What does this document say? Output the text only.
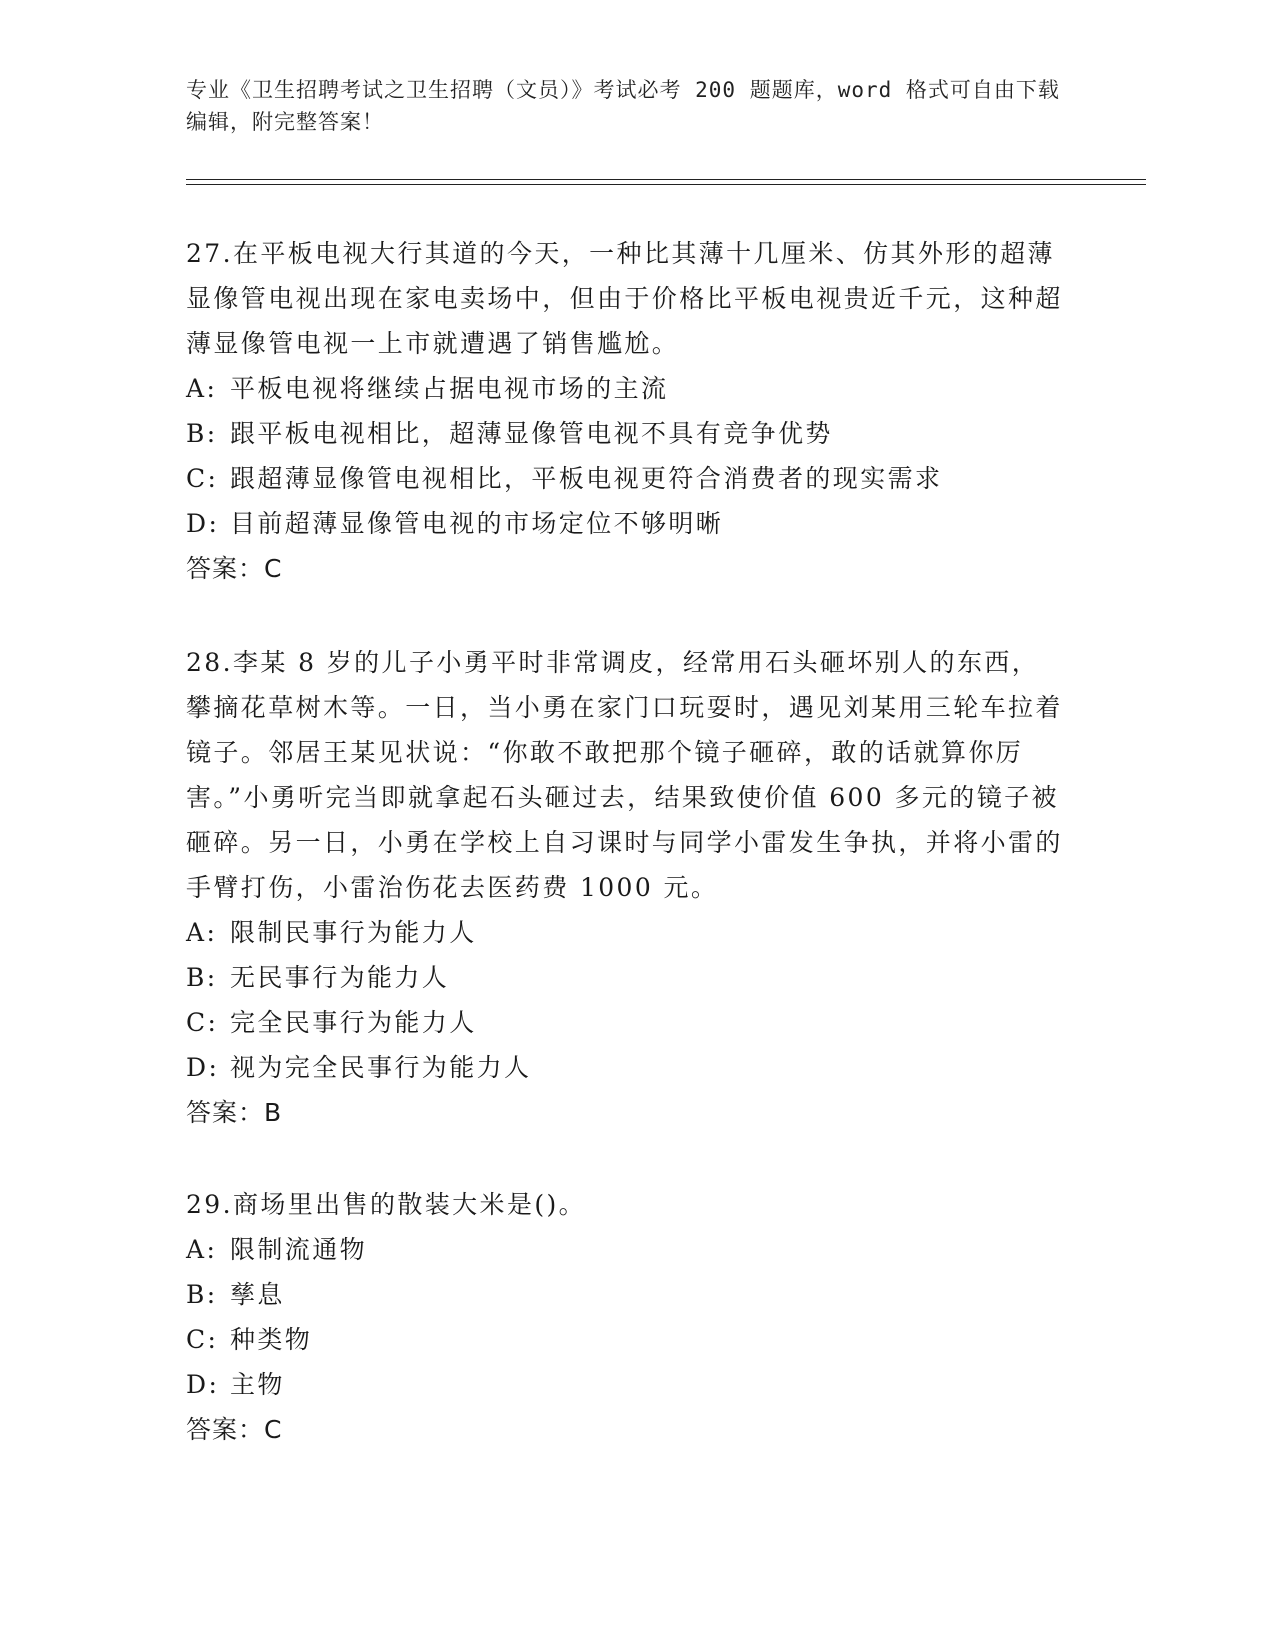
专业《卫生招聘考试之卫生招聘（文员）》考试必考 200 题题库，word 格式可自由下载编辑，附完整答案！

27.在平板电视大行其道的今天，一种比其薄十几厘米、仿其外形的超薄显像管电视出现在家电卖场中，但由于价格比平板电视贵近千元，这种超薄显像管电视一上市就遭遇了销售尴尬。

A: 平板电视将继续占据电视市场的主流

B: 跟平板电视相比，超薄显像管电视不具有竞争优势

C: 跟超薄显像管电视相比，平板电视更符合消费者的现实需求

D: 目前超薄显像管电视的市场定位不够明晰

答案：C

28.李某 8 岁的儿子小勇平时非常调皮，经常用石头砸坏别人的东西，攀摘花草树木等。一日，当小勇在家门口玩耍时，遇见刘某用三轮车拉着镜子。邻居王某见状说：“你敢不敢把那个镜子砸碎，敢的话就算你厉害。”小勇听完当即就拿起石头砸过去，结果致使价值 600 多元的镜子被砸碎。另一日，小勇在学校上自习课时与同学小雷发生争执，并将小雷的手臂打伤，小雷治伤花去医药费 1000 元。

A: 限制民事行为能力人

B: 无民事行为能力人

C: 完全民事行为能力人

D: 视为完全民事行为能力人

答案：B

29.商场里出售的散装大米是()。

A: 限制流通物

B: 孳息

C: 种类物

D: 主物

答案：C
